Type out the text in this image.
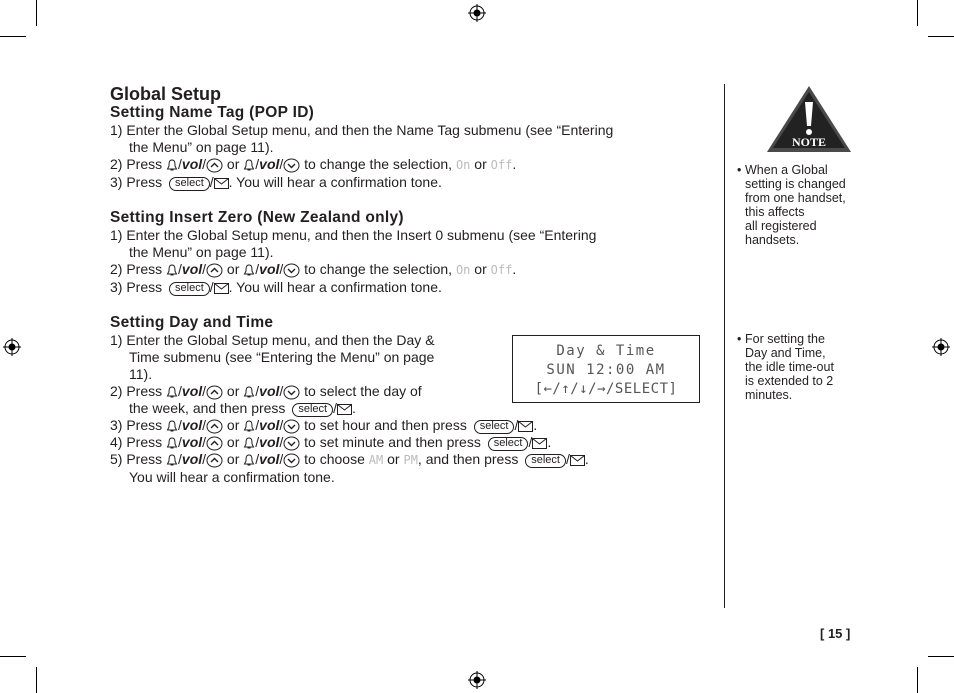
Global Setup
Setting Name Tag (POP ID)
1) Enter the Global Setup menu, and then the Name Tag submenu (see “Entering
the Menu” on page 11).
2) Press /vol/ or /vol/ to change the selection, On or Off.
3) Press select / . You will hear a confirmation tone.
Setting Insert Zero (New Zealand only)
1) Enter the Global Setup menu, and then the Insert 0 submenu (see “Entering
the Menu” on page 11).
2) Press /vol/ or /vol/ to change the selection, On or Off.
3) Press select / . You will hear a confirmation tone.
Setting Day and Time
1) Enter the Global Setup menu, and then the Day &
Time submenu (see “Entering the Menu” on page
11).
2) Press /vol/ or /vol/ to select the day of
the week, and then press select / .
3) Press /vol/ or /vol/ to set hour and then press select / .
4) Press /vol/ or /vol/ to set minute and then press select / .
5) Press /vol/ or /vol/ to choose AM or PM, and then press select / .
You will hear a confirmation tone.
Day & Time
SUN 12:00 AM
[←/↑/↓/→/SELECT]
NOTE
• When a Global
setting is changed
from one handset,
this affects
all registered
handsets.
• For setting the
Day and Time,
the idle time-out
is extended to 2
minutes.
[ 15 ]
